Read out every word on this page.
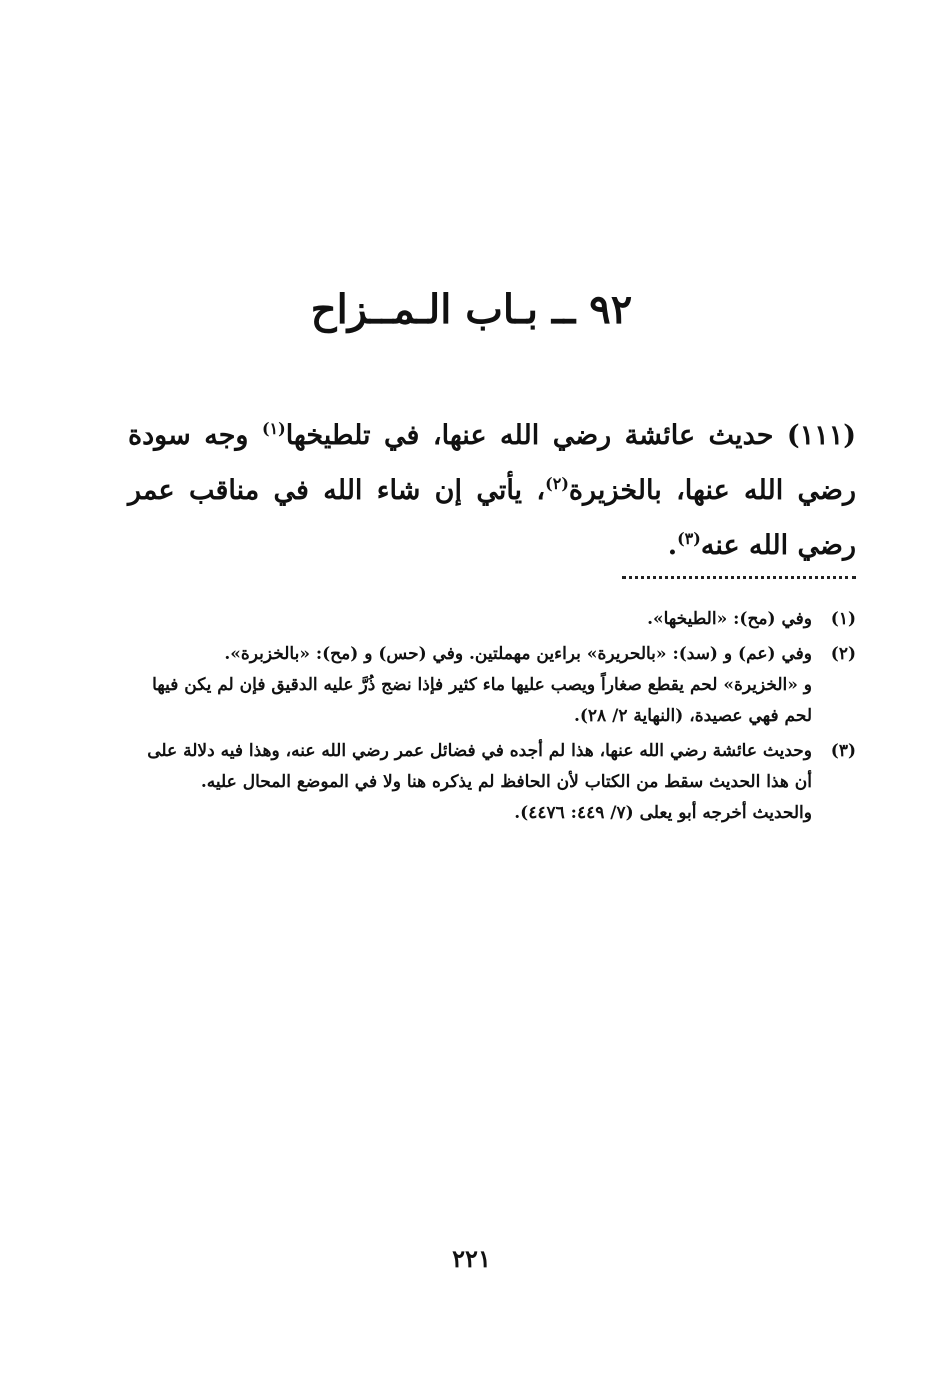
٩٢ ــ بـاب الـمــزاح
(١١١) حديث عائشة رضي الله عنها، في تلطيخها$^{(١)}$ وجه سودة رضي الله عنها، بالخزيرة$^{(٢)}$، يأتي إن شاء الله في مناقب عمر رضي الله عنه$^{(٣)}$.
(١)
وفي (مح): «الطيخها».
(٢)
وفي (عم) و (سد): «بالحريرة» براءين مهملتين. وفي (حس) و (مح): «بالخزبرة».
و «الخزيرة» لحم يقطع صغاراً ويصب عليها ماء كثير فإذا نضج ذُرَّ عليه الدقيق فإن لم يكن فيها
لحم فهي عصيدة، (النهاية ٢/ ٢٨).
(٣)
وحديث عائشة رضي الله عنها، هذا لم أجده في فضائل عمر رضي الله عنه، وهذا فيه دلالة على
أن هذا الحديث سقط من الكتاب لأن الحافظ لم يذكره هنا ولا في الموضع المحال عليه.
والحديث أخرجه أبو يعلى (٧/ ٤٤٩: ٤٤٧٦).
٢٢١
